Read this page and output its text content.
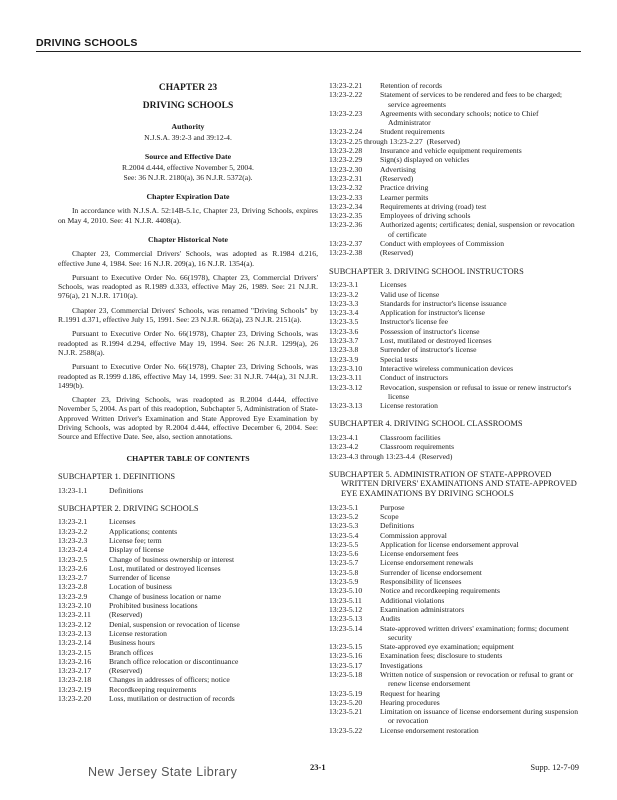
DRIVING SCHOOLS
CHAPTER 23
DRIVING SCHOOLS
Authority
N.J.S.A. 39:2-3 and 39:12-4.
Source and Effective Date
R.2004 d.444, effective November 5, 2004.
See: 36 N.J.R. 2180(a), 36 N.J.R. 5372(a).
Chapter Expiration Date
In accordance with N.J.S.A. 52:14B-5.1c, Chapter 23, Driving Schools, expires on May 4, 2010. See: 41 N.J.R. 4408(a).
Chapter Historical Note
Chapter 23, Commercial Drivers' Schools, was adopted as R.1984 d.216, effective June 4, 1984. See: 16 N.J.R. 209(a), 16 N.J.R. 1354(a).
Pursuant to Executive Order No. 66(1978), Chapter 23, Commercial Drivers' Schools, was readopted as R.1989 d.333, effective May 26, 1989. See: 21 N.J.R. 976(a), 21 N.J.R. 1710(a).
Chapter 23, Commercial Drivers' Schools, was renamed "Driving Schools" by R.1991 d.371, effective July 15, 1991. See: 23 N.J.R. 662(a), 23 N.J.R. 2151(a).
Pursuant to Executive Order No. 66(1978), Chapter 23, Driving Schools, was readopted as R.1994 d.294, effective May 19, 1994. See: 26 N.J.R. 1299(a), 26 N.J.R. 2588(a).
Pursuant to Executive Order No. 66(1978), Chapter 23, Driving Schools, was readopted as R.1999 d.186, effective May 14, 1999. See: 31 N.J.R. 744(a), 31 N.J.R. 1499(b).
Chapter 23, Driving Schools, was readopted as R.2004 d.444, effective November 5, 2004. As part of this readoption, Subchapter 5, Administration of State-Approved Written Driver's Examination and State Approved Eye Examination by Driving Schools, was adopted by R.2004 d.444, effective December 6, 2004. See: Source and Effective Date. See, also, section annotations.
CHAPTER TABLE OF CONTENTS
SUBCHAPTER 1. DEFINITIONS
13:23-1.1	Definitions
SUBCHAPTER 2. DRIVING SCHOOLS
13:23-2.1	Licenses
13:23-2.2	Applications; contents
13:23-2.3	License fee; term
13:23-2.4	Display of license
13:23-2.5	Change of business ownership or interest
13:23-2.6	Lost, mutilated or destroyed licenses
13:23-2.7	Surrender of license
13:23-2.8	Location of business
13:23-2.9	Change of business location or name
13:23-2.10	Prohibited business locations
13:23-2.11	(Reserved)
13:23-2.12	Denial, suspension or revocation of license
13:23-2.13	License restoration
13:23-2.14	Business hours
13:23-2.15	Branch offices
13:23-2.16	Branch office relocation or discontinuance
13:23-2.17	(Reserved)
13:23-2.18	Changes in addresses of officers; notice
13:23-2.19	Recordkeeping requirements
13:23-2.20	Loss, mutilation or destruction of records
13:23-2.21	Retention of records
13:23-2.22	Statement of services to be rendered and fees to be charged; service agreements
13:23-2.23	Agreements with secondary schools; notice to Chief Administrator
13:23-2.24	Student requirements
13:23-2.25 through 13:23-2.27 (Reserved)
13:23-2.28	Insurance and vehicle equipment requirements
13:23-2.29	Sign(s) displayed on vehicles
13:23-2.30	Advertising
13:23-2.31	(Reserved)
13:23-2.32	Practice driving
13:23-2.33	Learner permits
13:23-2.34	Requirements at driving (road) test
13:23-2.35	Employees of driving schools
13:23-2.36	Authorized agents; certificates; denial, suspension or revocation of certificate
13:23-2.37	Conduct with employees of Commission
13:23-2.38	(Reserved)
SUBCHAPTER 3. DRIVING SCHOOL INSTRUCTORS
13:23-3.1	Licenses
13:23-3.2	Valid use of license
13:23-3.3	Standards for instructor's license issuance
13:23-3.4	Application for instructor's license
13:23-3.5	Instructor's license fee
13:23-3.6	Possession of instructor's license
13:23-3.7	Lost, mutilated or destroyed licenses
13:23-3.8	Surrender of instructor's license
13:23-3.9	Special tests
13:23-3.10	Interactive wireless communication devices
13:23-3.11	Conduct of instructors
13:23-3.12	Revocation, suspension or refusal to issue or renew instructor's license
13:23-3.13	License restoration
SUBCHAPTER 4. DRIVING SCHOOL CLASSROOMS
13:23-4.1	Classroom facilities
13:23-4.2	Classroom requirements
13:23-4.3 through 13:23-4.4 (Reserved)
SUBCHAPTER 5. ADMINISTRATION OF STATE-APPROVED WRITTEN DRIVERS' EXAMINATIONS AND STATE-APPROVED EYE EXAMINATIONS BY DRIVING SCHOOLS
13:23-5.1	Purpose
13:23-5.2	Scope
13:23-5.3	Definitions
13:23-5.4	Commission approval
13:23-5.5	Application for license endorsement approval
13:23-5.6	License endorsement fees
13:23-5.7	License endorsement renewals
13:23-5.8	Surrender of license endorsement
13:23-5.9	Responsibility of licensees
13:23-5.10	Notice and recordkeeping requirements
13:23-5.11	Additional violations
13:23-5.12	Examination administrators
13:23-5.13	Audits
13:23-5.14	State-approved written drivers' examination; forms; document security
13:23-5.15	State-approved eye examination; equipment
13:23-5.16	Examination fees; disclosure to students
13:23-5.17	Investigations
13:23-5.18	Written notice of suspension or revocation or refusal to grant or renew license endorsement
13:23-5.19	Request for hearing
13:23-5.20	Hearing procedures
13:23-5.21	Limitation on issuance of license endorsement during suspension or revocation
13:23-5.22	License endorsement restoration
New Jersey State Library	23-1	Supp. 12-7-09
